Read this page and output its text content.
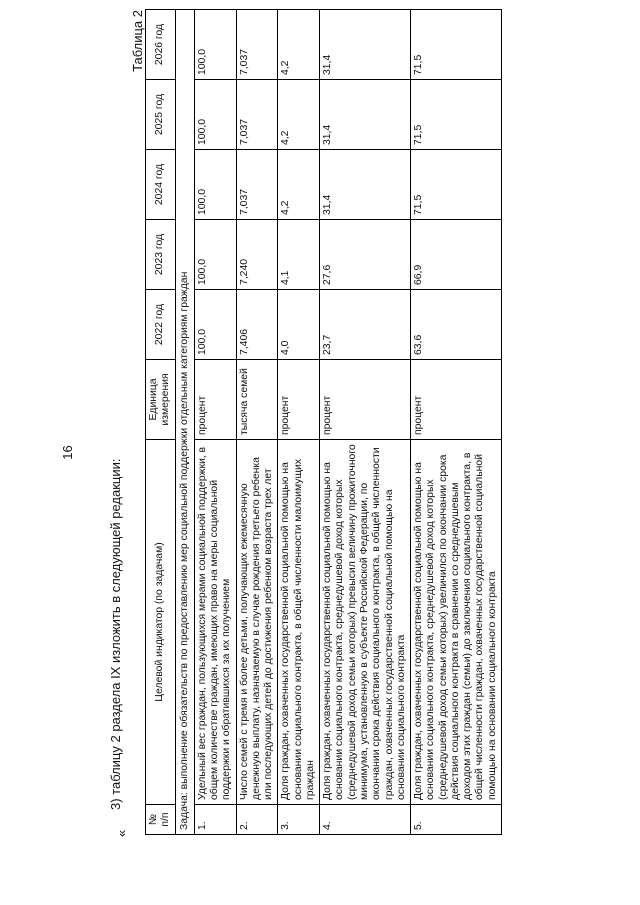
16
«
3) таблицу 2 раздела IX изложить в следующей редакции:
Таблица 2
№ п/п	Целевой индикатор (по задачам)	Единица измерения	2022 год	2023 год	2024 год	2025 год	2026 год
Задача: выполнение обязательств по предоставлению мер социальной поддержки отдельным категориям граждан							
1.	Удельный вес граждан, пользующихся мерами социальной поддержки, в общем количестве граждан, имеющих право на меры социальной поддержки и обратившихся за их получением	процент	100,0	100,0	100,0	100,0	100,0
2.	Число семей с тремя и более детьми, получающих ежемесячную денежную выплату, назначаемую в случае рождения третьего ребенка или последующих детей до достижения ребенком возраста трех лет	тысяча семей	7,406	7,240	7,037	7,037	7,037
3.	Доля граждан, охваченных государственной социальной помощью на основании социального контракта, в общей численности малоимущих граждан	процент	4,0	4,1	4,2	4,2	4,2
4.	Доля граждан, охваченных государственной социальной помощью на основании социального контракта, среднедушевой доход которых (среднедушевой доход семьи которых) превысил величину прожиточного минимума, установленную в субъекте Российской Федерации, по окончании срока действия социального контракта, в общей численности граждан, охваченных государственной социальной помощью на основании социального контракта	процент	23,7	27,6	31,4	31,4	31,4
5.	Доля граждан, охваченных государственной социальной помощью на основании социального контракта, среднедушевой доход которых (среднедушевой доход семьи которых) увеличился по окончании срока действия социального контракта в сравнении со среднедушевым доходом этих граждан (семьи) до заключения социального контракта, в общей численности граждан, охваченных государственной социальной помощью на основании социального контракта	процент	63,6	66,9	71,5	71,5	71,5
